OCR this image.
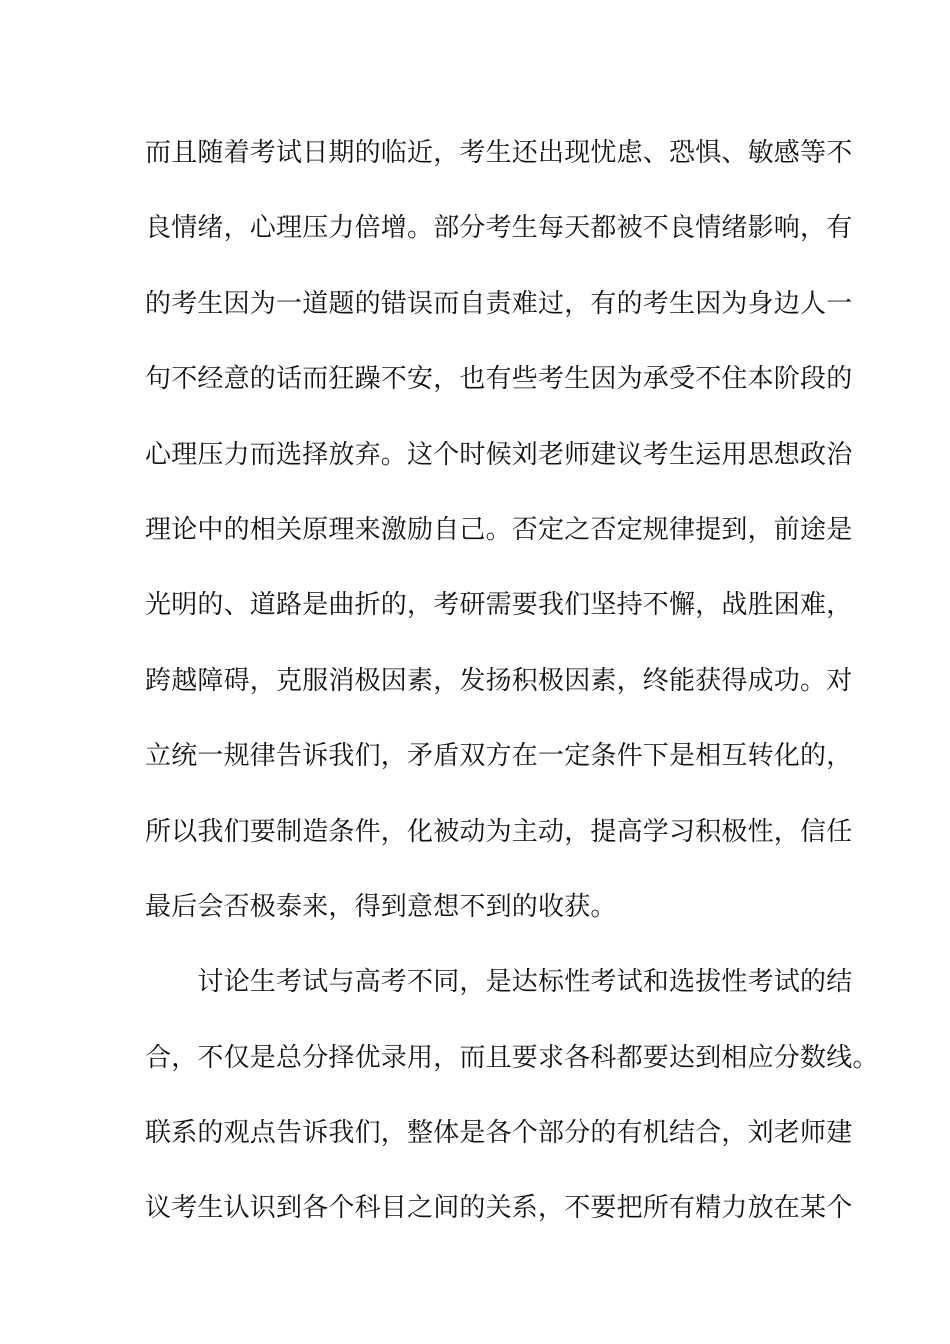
而且随着考试日期的临近，考生还出现忧虑、恐惧、敏感等不
良情绪，心理压力倍增。部分考生每天都被不良情绪影响，有
的考生因为一道题的错误而自责难过，有的考生因为身边人一
句不经意的话而狂躁不安，也有些考生因为承受不住本阶段的
心理压力而选择放弃。这个时候刘老师建议考生运用思想政治
理论中的相关原理来激励自己。否定之否定规律提到，前途是
光明的、道路是曲折的，考研需要我们坚持不懈，战胜困难，
跨越障碍，克服消极因素，发扬积极因素，终能获得成功。对
立统一规律告诉我们，矛盾双方在一定条件下是相互转化的，
所以我们要制造条件，化被动为主动，提高学习积极性，信任
最后会否极泰来，得到意想不到的收获。
　　讨论生考试与高考不同，是达标性考试和选拔性考试的结
合，不仅是总分择优录用，而且要求各科都要达到相应分数线。
联系的观点告诉我们，整体是各个部分的有机结合，刘老师建
议考生认识到各个科目之间的关系，不要把所有精力放在某个
